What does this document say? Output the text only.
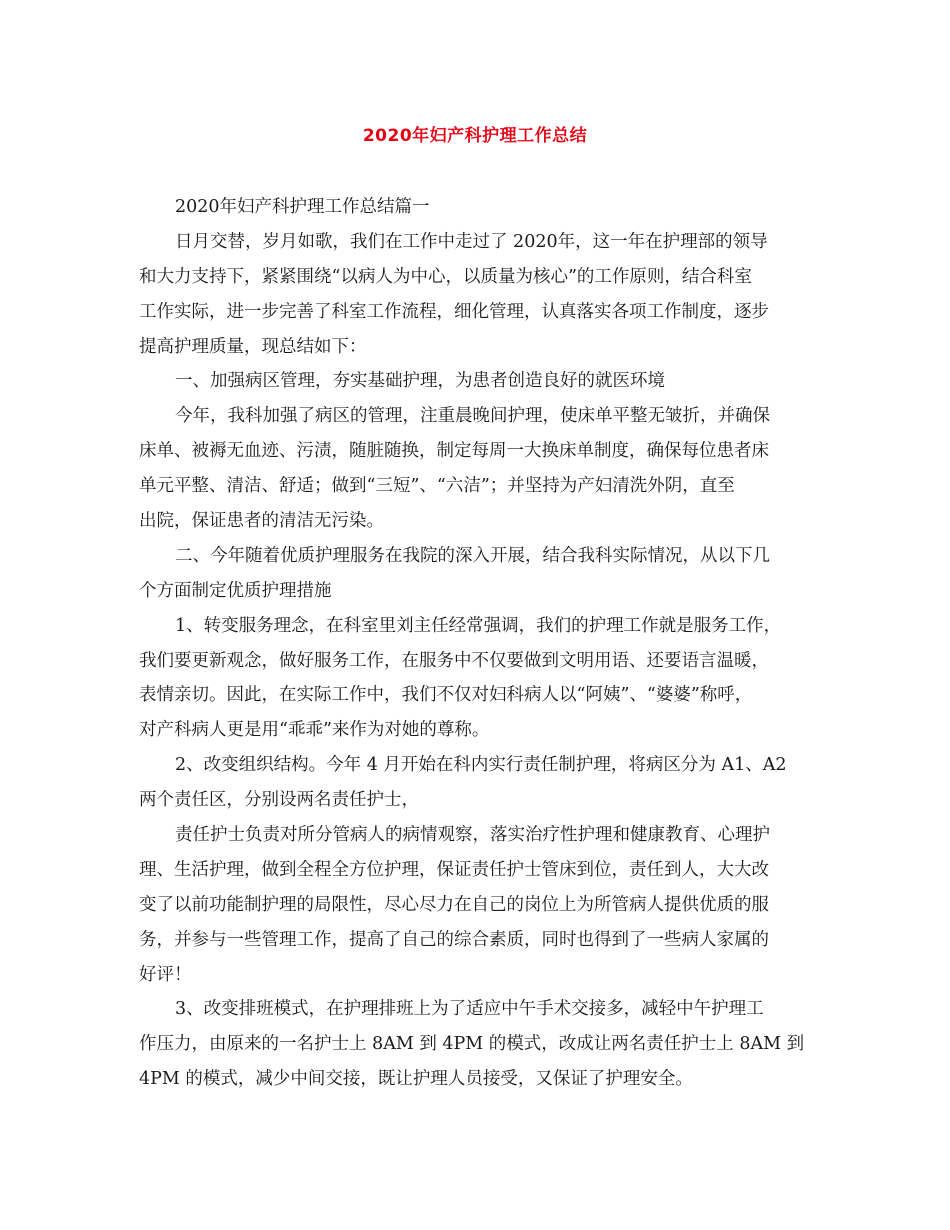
2020年妇产科护理工作总结
2020年妇产科护理工作总结篇一
日月交替，岁月如歌，我们在工作中走过了 2020年，这一年在护理部的领导
和大力支持下，紧紧围绕“以病人为中心，以质量为核心”的工作原则，结合科室
工作实际，进一步完善了科室工作流程，细化管理，认真落实各项工作制度，逐步
提高护理质量，现总结如下：
一、加强病区管理，夯实基础护理，为患者创造良好的就医环境
今年，我科加强了病区的管理，注重晨晚间护理，使床单平整无皱折，并确保
床单、被褥无血迹、污渍，随脏随换，制定每周一大换床单制度，确保每位患者床
单元平整、清洁、舒适；做到“三短”、“六洁”；并坚持为产妇清洗外阴，直至
出院，保证患者的清洁无污染。
二、今年随着优质护理服务在我院的深入开展，结合我科实际情况，从以下几
个方面制定优质护理措施
1、转变服务理念，在科室里刘主任经常强调，我们的护理工作就是服务工作，
我们要更新观念，做好服务工作，在服务中不仅要做到文明用语、还要语言温暖，
表情亲切。因此，在实际工作中，我们不仅对妇科病人以“阿姨”、“婆婆”称呼，
对产科病人更是用“乖乖”来作为对她的尊称。
2、改变组织结构。今年 4 月开始在科内实行责任制护理，将病区分为 A1、A2
两个责任区，分别设两名责任护士，
责任护士负责对所分管病人的病情观察，落实治疗性护理和健康教育、心理护
理、生活护理，做到全程全方位护理，保证责任护士管床到位，责任到人，大大改
变了以前功能制护理的局限性，尽心尽力在自己的岗位上为所管病人提供优质的服
务，并参与一些管理工作，提高了自己的综合素质，同时也得到了一些病人家属的
好评！
3、改变排班模式，在护理排班上为了适应中午手术交接多，减轻中午护理工
作压力，由原来的一名护士上 8AM 到 4PM 的模式，改成让两名责任护士上 8AM 到
4PM 的模式，减少中间交接，既让护理人员接受，又保证了护理安全。
